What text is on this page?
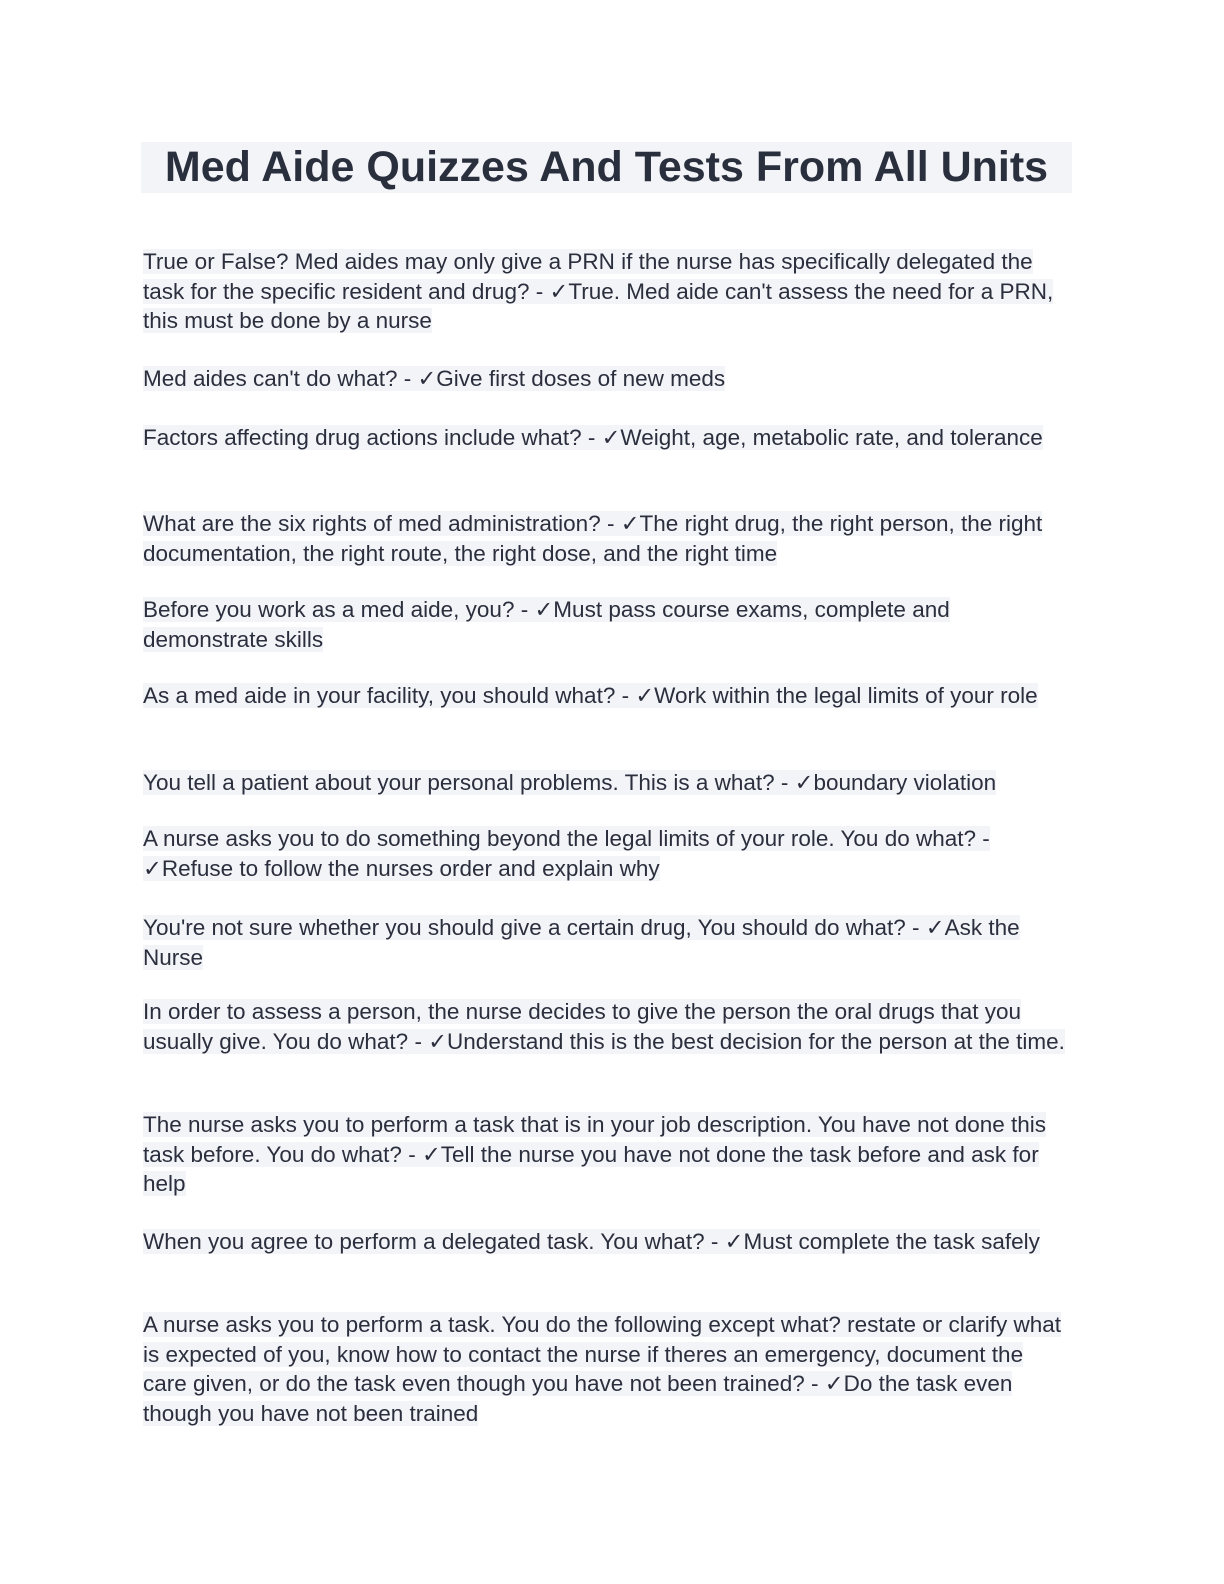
Med Aide Quizzes And Tests From All Units

True or False? Med aides may only give a PRN if the nurse has specifically delegated the task for the specific resident and drug? - ✓True. Med aide can't assess the need for a PRN, this must be done by a nurse

Med aides can't do what? - ✓Give first doses of new meds

Factors affecting drug actions include what? - ✓Weight, age, metabolic rate, and tolerance

What are the six rights of med administration? - ✓The right drug, the right person, the right documentation, the right route, the right dose, and the right time

Before you work as a med aide, you? - ✓Must pass course exams, complete and demonstrate skills

As a med aide in your facility, you should what? - ✓Work within the legal limits of your role

You tell a patient about your personal problems. This is a what? - ✓boundary violation

A nurse asks you to do something beyond the legal limits of your role. You do what? - ✓Refuse to follow the nurses order and explain why

You're not sure whether you should give a certain drug, You should do what? - ✓Ask the Nurse

In order to assess a person, the nurse decides to give the person the oral drugs that you usually give. You do what? - ✓Understand this is the best decision for the person at the time.

The nurse asks you to perform a task that is in your job description. You have not done this task before. You do what? - ✓Tell the nurse you have not done the task before and ask for help

When you agree to perform a delegated task. You what? - ✓Must complete the task safely

A nurse asks you to perform a task. You do the following except what? restate or clarify what is expected of you, know how to contact the nurse if theres an emergency, document the care given, or do the task even though you have not been trained? - ✓Do the task even though you have not been trained
